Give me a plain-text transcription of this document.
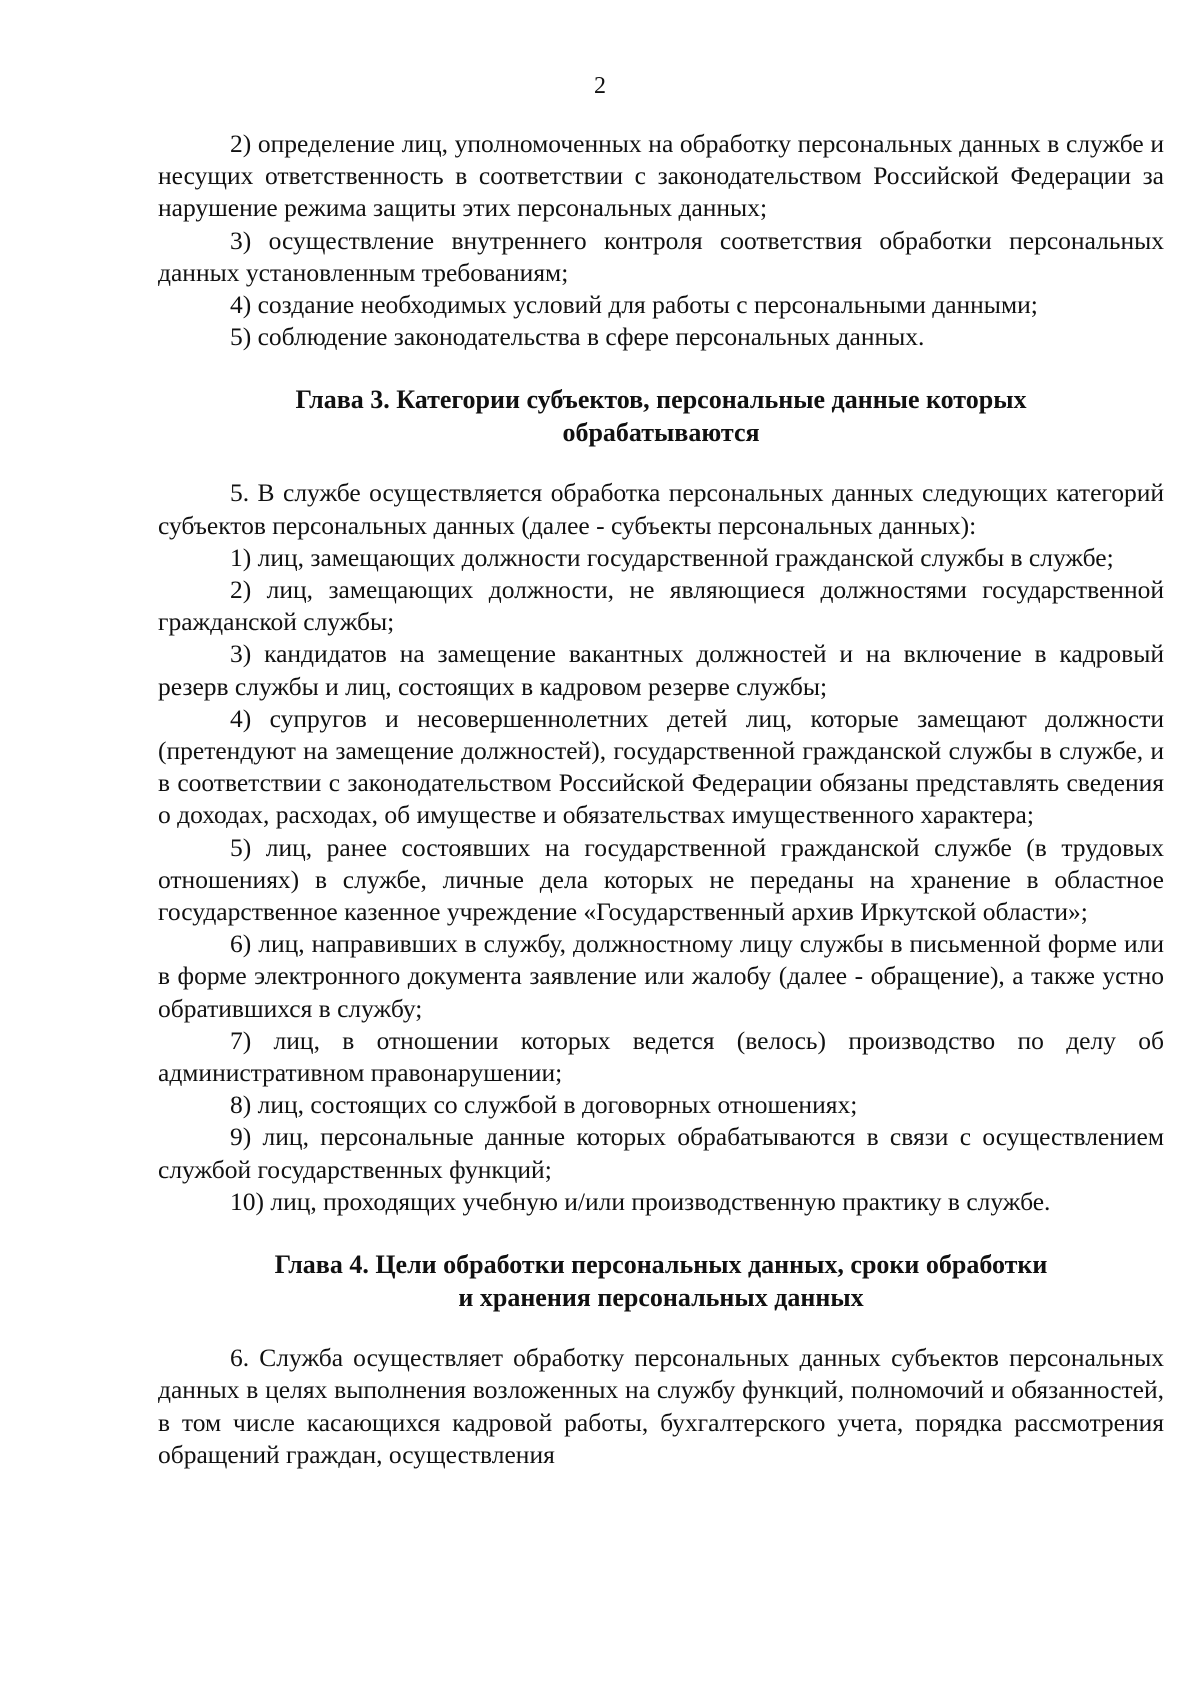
2

2) определение лиц, уполномоченных на обработку персональных данных в службе и несущих ответственность в соответствии с законодательством Российской Федерации за нарушение режима защиты этих персональных данных;

3) осуществление внутреннего контроля соответствия обработки персональных данных установленным требованиям;

4) создание необходимых условий для работы с персональными данными;

5) соблюдение законодательства в сфере персональных данных.

Глава 3. Категории субъектов, персональные данные которых
обрабатываются

5. В службе осуществляется обработка персональных данных следующих категорий субъектов персональных данных (далее - субъекты персональных данных):

1) лиц, замещающих должности государственной гражданской службы в службе;

2) лиц, замещающих должности, не являющиеся должностями государственной гражданской службы;

3) кандидатов на замещение вакантных должностей и на включение в кадровый резерв службы и лиц, состоящих в кадровом резерве службы;

4) супругов и несовершеннолетних детей лиц, которые замещают должности (претендуют на замещение должностей), государственной гражданской службы в службе, и в соответствии с законодательством Российской Федерации обязаны представлять сведения о доходах, расходах, об имуществе и обязательствах имущественного характера;

5) лиц, ранее состоявших на государственной гражданской службе (в трудовых отношениях) в службе, личные дела которых не переданы на хранение в областное государственное казенное учреждение «Государственный архив Иркутской области»;

6) лиц, направивших в службу, должностному лицу службы в письменной форме или в форме электронного документа заявление или жалобу (далее - обращение), а также устно обратившихся в службу;

7) лиц, в отношении которых ведется (велось) производство по делу об административном правонарушении;

8) лиц, состоящих со службой в договорных отношениях;

9) лиц, персональные данные которых обрабатываются в связи с осуществлением службой государственных функций;

10) лиц, проходящих учебную и/или производственную практику в службе.

Глава 4. Цели обработки персональных данных, сроки обработки
и хранения персональных данных

6. Служба осуществляет обработку персональных данных субъектов персональных данных в целях выполнения возложенных на службу функций, полномочий и обязанностей, в том числе касающихся кадровой работы, бухгалтерского учета, порядка рассмотрения обращений граждан, осуществления
